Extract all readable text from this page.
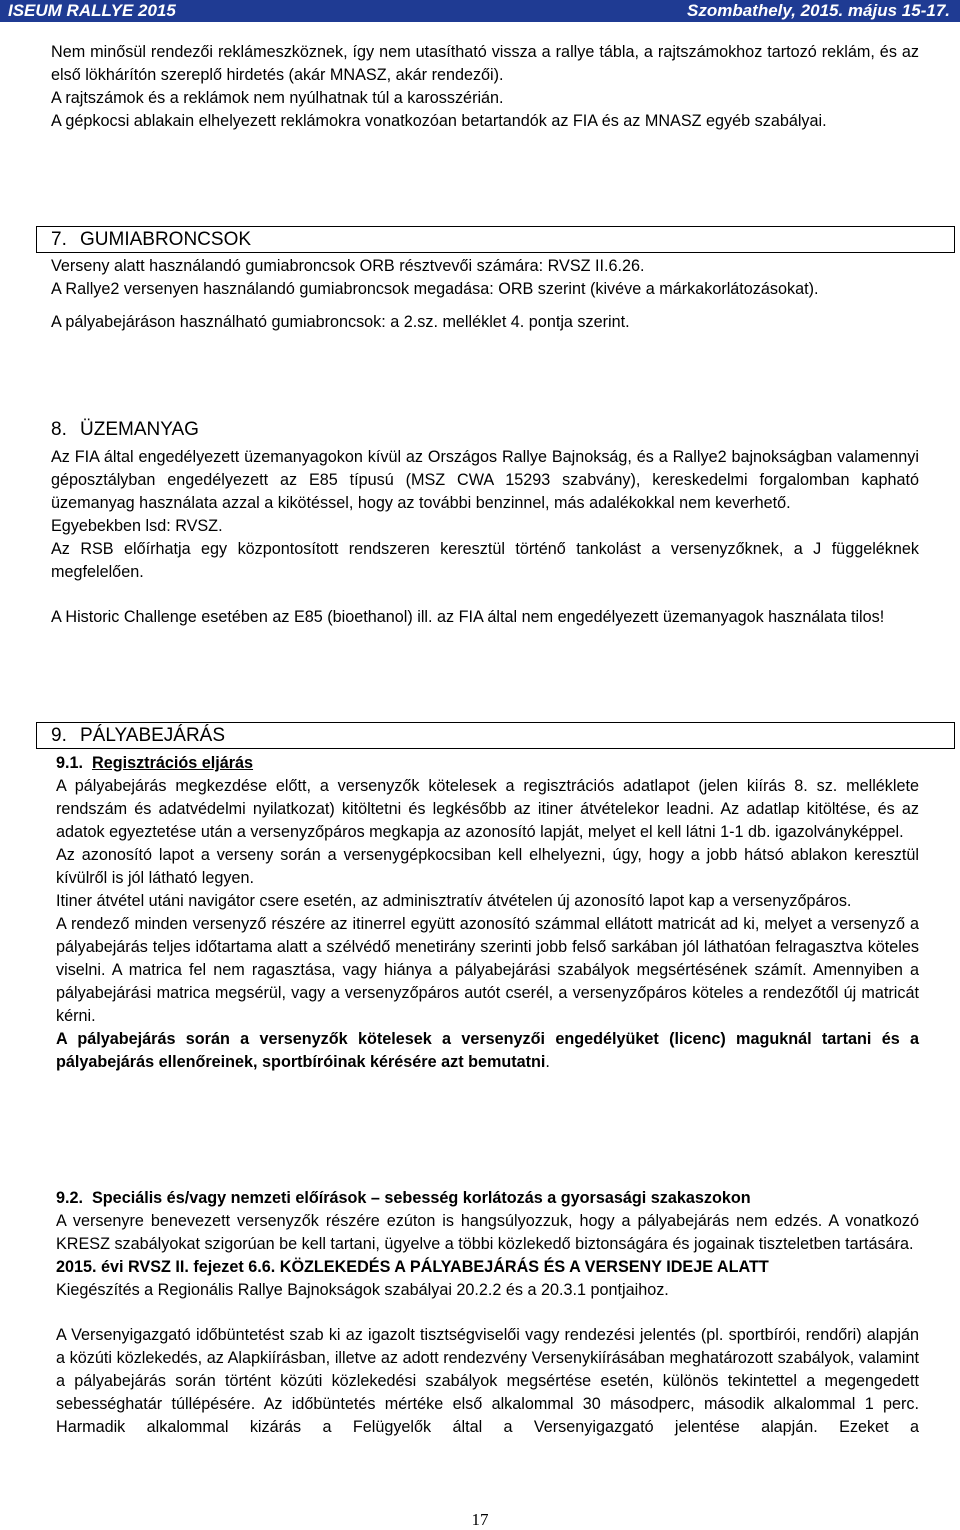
ISEUM RALLYE 2015	Szombathely, 2015. május 15-17.

Nem minősül rendezői reklámeszköznek, így nem utasítható vissza a rallye tábla, a rajtszámokhoz tartozó reklám, és az első lökhárítón szereplő hirdetés (akár MNASZ, akár rendezői).

A rajtszámok és a reklámok nem nyúlhatnak túl a karosszérián.

A gépkocsi ablakain elhelyezett reklámokra vonatkozóan betartandók az FIA és az MNASZ egyéb szabályai.

7. GUMIABRONCSOK

Verseny alatt használandó gumiabroncsok ORB résztvevői számára: RVSZ II.6.26.

A Rallye2 versenyen használandó gumiabroncsok megadása: ORB szerint (kivéve a márkakorlátozásokat).

A pályabejáráson használható gumiabroncsok: a 2.sz. melléklet 4. pontja szerint.

8. ÜZEMANYAG

Az FIA által engedélyezett üzemanyagokon kívül az Országos Rallye Bajnokság, és a Rallye2 bajnokságban valamennyi géposztályban engedélyezett az E85 típusú (MSZ CWA 15293 szabvány), kereskedelmi forgalomban kapható üzemanyag használata azzal a kikötéssel, hogy az további benzinnel, más adalékokkal nem keverhető.

Egyebekben lsd: RVSZ.

Az RSB előírhatja egy központosított rendszeren keresztül történő tankolást a versenyzőknek, a J függeléknek megfelelően.

A Historic Challenge esetében az E85 (bioethanol) ill. az FIA által nem engedélyezett üzemanyagok használata tilos!

9. PÁLYABEJÁRÁS
9.1. Regisztrációs eljárás

A pályabejárás megkezdése előtt, a versenyzők kötelesek a regisztrációs adatlapot (jelen kiírás 8. sz. melléklete rendszám és adatvédelmi nyilatkozat) kitöltetni és legkésőbb az itiner átvételekor leadni. Az adatlap kitöltése, és az adatok egyeztetése után a versenyzőpáros megkapja az azonosító lapját, melyet el kell látni 1-1 db. igazolványképpel.

Az azonosító lapot a verseny során a versenygépkocsiban kell elhelyezni, úgy, hogy a jobb hátsó ablakon keresztül kívülről is jól látható legyen.

Itiner átvétel utáni navigátor csere esetén, az adminisztratív átvételen új azonosító lapot kap a versenyzőpáros.

A rendező minden versenyző részére az itinerrel együtt azonosító számmal ellátott matricát ad ki, melyet a versenyző a pályabejárás teljes időtartama alatt a szélvédő menetirány szerinti jobb felső sarkában jól láthatóan felragasztva köteles viselni. A matrica fel nem ragasztása, vagy hiánya a pályabejárási szabályok megsértésének számít. Amennyiben a pályabejárási matrica megsérül, vagy a versenyzőpáros autót cserél, a versenyzőpáros köteles a rendezőtől új matricát kérni.

A pályabejárás során a versenyzők kötelesek a versenyzői engedélyüket (licenc) maguknál tartani és a pályabejárás ellenőreinek, sportbíróinak kérésére azt bemutatni.

9.2. Speciális és/vagy nemzeti előírások – sebesség korlátozás a gyorsasági szakaszokon

A versenyre benevezett versenyzők részére ezúton is hangsúlyozzuk, hogy a pályabejárás nem edzés. A vonatkozó KRESZ szabályokat szigorúan be kell tartani, ügyelve a többi közlekedő biztonságára és jogainak tiszteletben tartására.

2015. évi RVSZ II. fejezet 6.6. KÖZLEKEDÉS A PÁLYABEJÁRÁS ÉS A VERSENY IDEJE ALATT

Kiegészítés a Regionális Rallye Bajnokságok szabályai 20.2.2 és a 20.3.1 pontjaihoz.

A Versenyigazgató időbüntetést szab ki az igazolt tisztségviselői vagy rendezési jelentés (pl. sportbírói, rendőri) alapján a közúti közlekedés, az Alapkiírásban, illetve az adott rendezvény Versenykiírásában meghatározott szabályok, valamint a pályabejárás során történt közúti közlekedési szabályok megsértése esetén, különös tekintettel a megengedett sebességhatár túllépésére. Az időbüntetés mértéke első alkalommal 30 másodperc, második alkalommal 1 perc. Harmadik alkalommal kizárás a Felügyelők által a Versenyigazgató jelentése alapján. Ezeket a

17
